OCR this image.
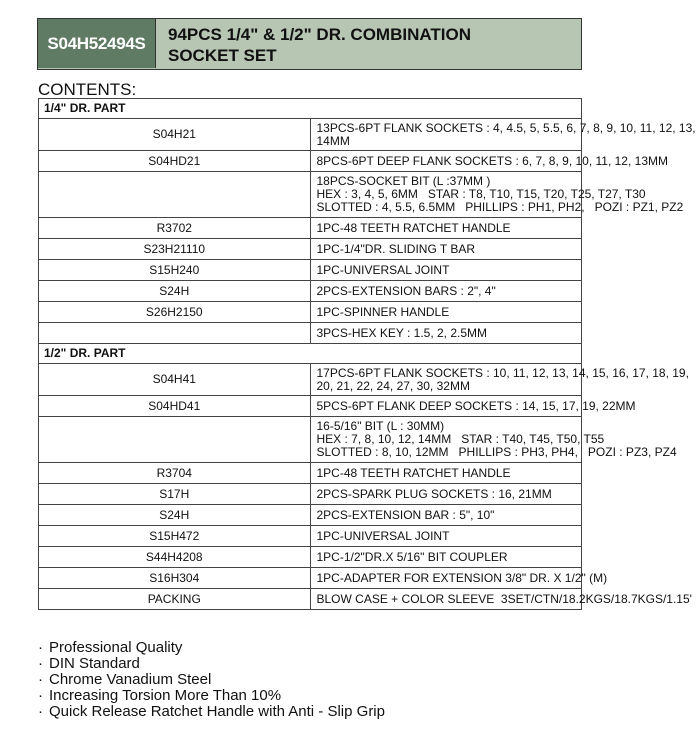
S04H52494S	94PCS 1/4" & 1/2" DR. COMBINATION
SOCKET SET
CONTENTS:
1/4" DR. PART	
S04H21	13PCS-6PT FLANK SOCKETS : 4, 4.5, 5, 5.5, 6, 7, 8, 9, 10, 11, 12, 13,
14MM

S04HD21	8PCS-6PT DEEP FLANK SOCKETS : 6, 7, 8, 9, 10, 11, 12, 13MM

	18PCS-SOCKET BIT (L :37MM )
HEX : 3, 4, 5, 6MM   STAR : T8, T10, T15, T20, T25, T27, T30
SLOTTED : 4, 5.5, 6.5MM   PHILLIPS : PH1, PH2,   POZI : PZ1, PZ2

R3702	1PC-48 TEETH RATCHET HANDLE

S23H21110	1PC-1/4"DR. SLIDING T BAR

S15H240	1PC-UNIVERSAL JOINT

S24H	2PCS-EXTENSION BARS : 2", 4"

S26H2150	1PC-SPINNER HANDLE

	3PCS-HEX KEY : 1.5, 2, 2.5MM

1/2" DR. PART	
S04H41	17PCS-6PT FLANK SOCKETS : 10, 11, 12, 13, 14, 15, 16, 17, 18, 19,
20, 21, 22, 24, 27, 30, 32MM

S04HD41	5PCS-6PT FLANK DEEP SOCKETS : 14, 15, 17, 19, 22MM

	16-5/16" BIT (L : 30MM)
HEX : 7, 8, 10, 12, 14MM   STAR : T40, T45, T50, T55
SLOTTED : 8, 10, 12MM   PHILLIPS : PH3, PH4,   POZI : PZ3, PZ4

R3704	1PC-48 TEETH RATCHET HANDLE

S17H	2PCS-SPARK PLUG SOCKETS : 16, 21MM

S24H	2PCS-EXTENSION BAR : 5", 10"

S15H472	1PC-UNIVERSAL JOINT

S44H4208	1PC-1/2"DR.X 5/16" BIT COUPLER

S16H304	1PC-ADAPTER FOR EXTENSION 3/8" DR. X 1/2" (M)

PACKING	BLOW CASE + COLOR SLEEVE  3SET/CTN/18.2KGS/18.7KGS/1.15'
· Professional Quality
· DIN Standard
· Chrome Vanadium Steel
· Increasing Torsion More Than 10%
· Quick Release Ratchet Handle with Anti - Slip Grip
